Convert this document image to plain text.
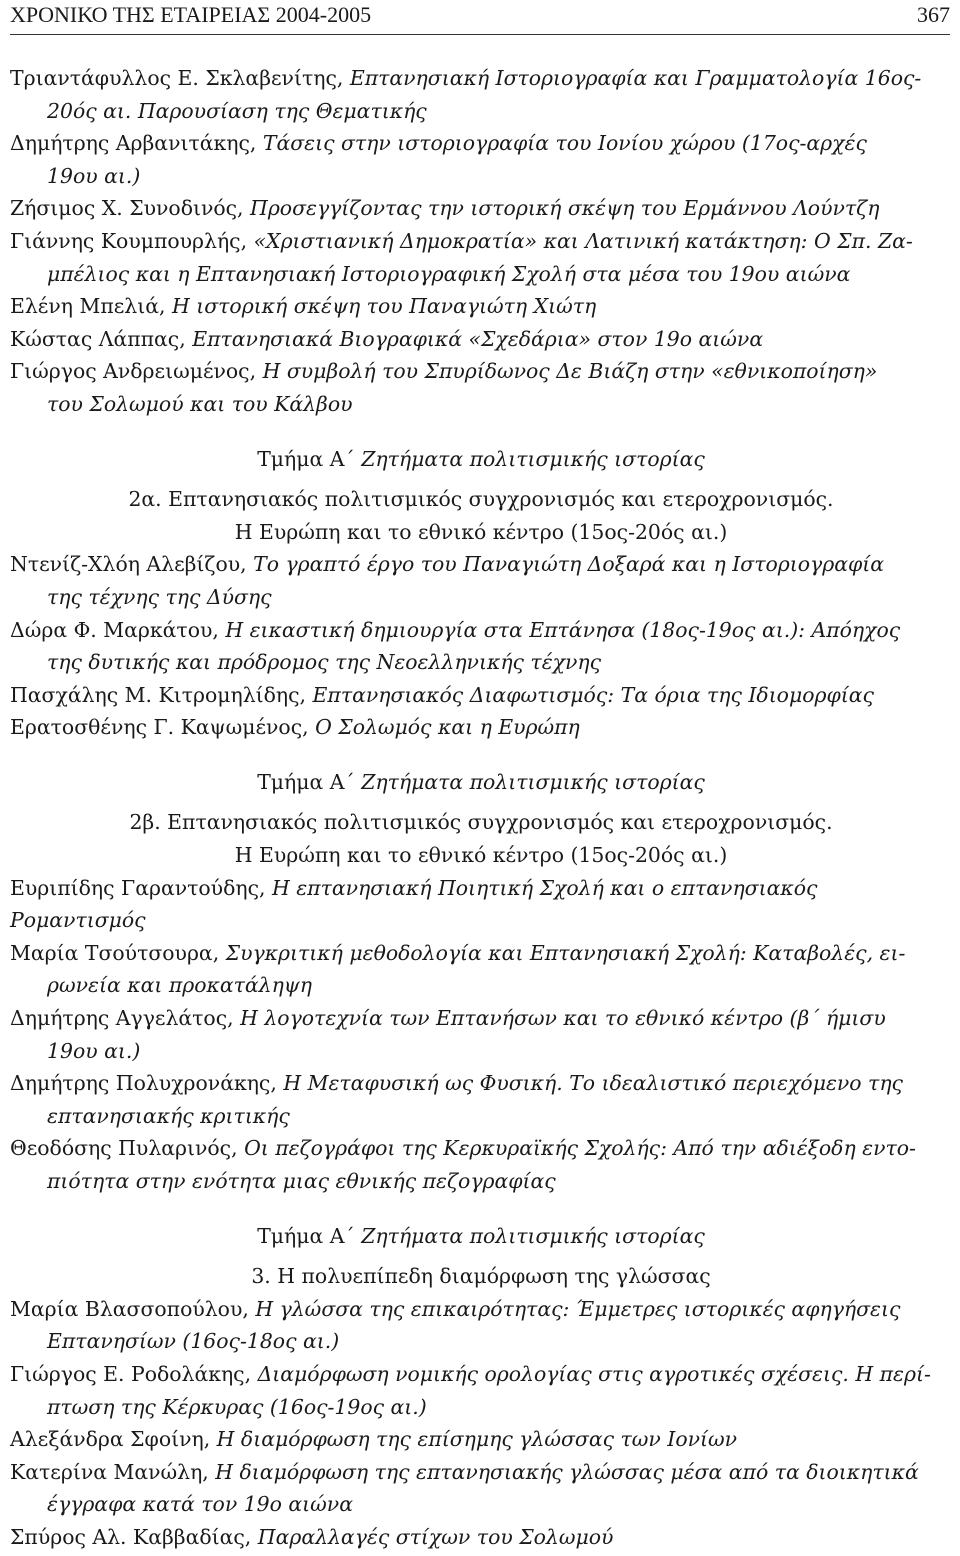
ΧΡΟΝΙΚΟ ΤΗΣ ΕΤΑΙΡΕΙΑΣ 2004-2005	367

Τριαντάφυλλος Ε. Σκλαβενίτης, Επτανησιακή Ιστοριογραφία και Γραμματολογία 16ος-
20ός αι. Παρουσίαση της Θεματικής

Δημήτρης Αρβανιτάκης, Τάσεις στην ιστοριογραφία του Ιονίου χώρου (17ος-αρχές
19ου αι.)

Ζήσιμος Χ. Συνοδινός, Προσεγγίζοντας την ιστορική σκέψη του Ερμάννου Λούντζη

Γιάννης Κουμπουρλής, «Χριστιανική Δημοκρατία» και Λατινική κατάκτηση: Ο Σπ. Ζα-
μπέλιος και η Επτανησιακή Ιστοριογραφική Σχολή στα μέσα του 19ου αιώνα

Ελένη Μπελιά, Η ιστορική σκέψη του Παναγιώτη Χιώτη

Κώστας Λάππας, Επτανησιακά Βιογραφικά «Σχεδάρια» στον 19ο αιώνα

Γιώργος Ανδρειωμένος, Η συμβολή του Σπυρίδωνος Δε Βιάζη στην «εθνικοποίηση»
του Σολωμού και του Κάλβου

Τμήμα Α΄ Ζητήματα πολιτισμικής ιστορίας

2α. Επτανησιακός πολιτισμικός συγχρονισμός και ετεροχρονισμός.

Η Ευρώπη και το εθνικό κέντρο (15ος-20ός αι.)

Ντενίζ-Χλόη Αλεβίζου, Το γραπτό έργο του Παναγιώτη Δοξαρά και η Ιστοριογραφία
της τέχνης της Δύσης

Δώρα Φ. Μαρκάτου, Η εικαστική δημιουργία στα Επτάνησα (18ος-19ος αι.): Απόηχος
της δυτικής και πρόδρομος της Νεοελληνικής τέχνης

Πασχάλης Μ. Κιτρομηλίδης, Επτανησιακός Διαφωτισμός: Τα όρια της Ιδιομορφίας

Ερατοσθένης Γ. Καψωμένος, Ο Σολωμός και η Ευρώπη

Τμήμα Α΄ Ζητήματα πολιτισμικής ιστορίας

2β. Επτανησιακός πολιτισμικός συγχρονισμός και ετεροχρονισμός.

Η Ευρώπη και το εθνικό κέντρο (15ος-20ός αι.)

Ευριπίδης Γαραντούδης, Η επτανησιακή Ποιητική Σχολή και ο επτανησιακός Ρομαντισμός

Μαρία Τσούτσουρα, Συγκριτική μεθοδολογία και Επτανησιακή Σχολή: Καταβολές, ει-
ρωνεία και προκατάληψη

Δημήτρης Αγγελάτος, Η λογοτεχνία των Επτανήσων και το εθνικό κέντρο (β΄ ήμισυ
19ου αι.)

Δημήτρης Πολυχρονάκης, Η Μεταφυσική ως Φυσική. Το ιδεαλιστικό περιεχόμενο της
επτανησιακής κριτικής

Θεοδόσης Πυλαρινός, Οι πεζογράφοι της Κερκυραϊκής Σχολής: Από την αδιέξοδη εντο-
πιότητα στην ενότητα μιας εθνικής πεζογραφίας

Τμήμα Α΄ Ζητήματα πολιτισμικής ιστορίας

3. Η πολυεπίπεδη διαμόρφωση της γλώσσας

Μαρία Βλασσοπούλου, Η γλώσσα της επικαιρότητας: Έμμετρες ιστορικές αφηγήσεις
Επτανησίων (16ος-18ος αι.)

Γιώργος Ε. Ροδολάκης, Διαμόρφωση νομικής ορολογίας στις αγροτικές σχέσεις. Η περί-
πτωση της Κέρκυρας (16ος-19ος αι.)

Αλεξάνδρα Σφοίνη, Η διαμόρφωση της επίσημης γλώσσας των Ιονίων

Κατερίνα Μανώλη, Η διαμόρφωση της επτανησιακής γλώσσας μέσα από τα διοικητικά
έγγραφα κατά τον 19ο αιώνα

Σπύρος Αλ. Καββαδίας, Παραλλαγές στίχων του Σολωμού
